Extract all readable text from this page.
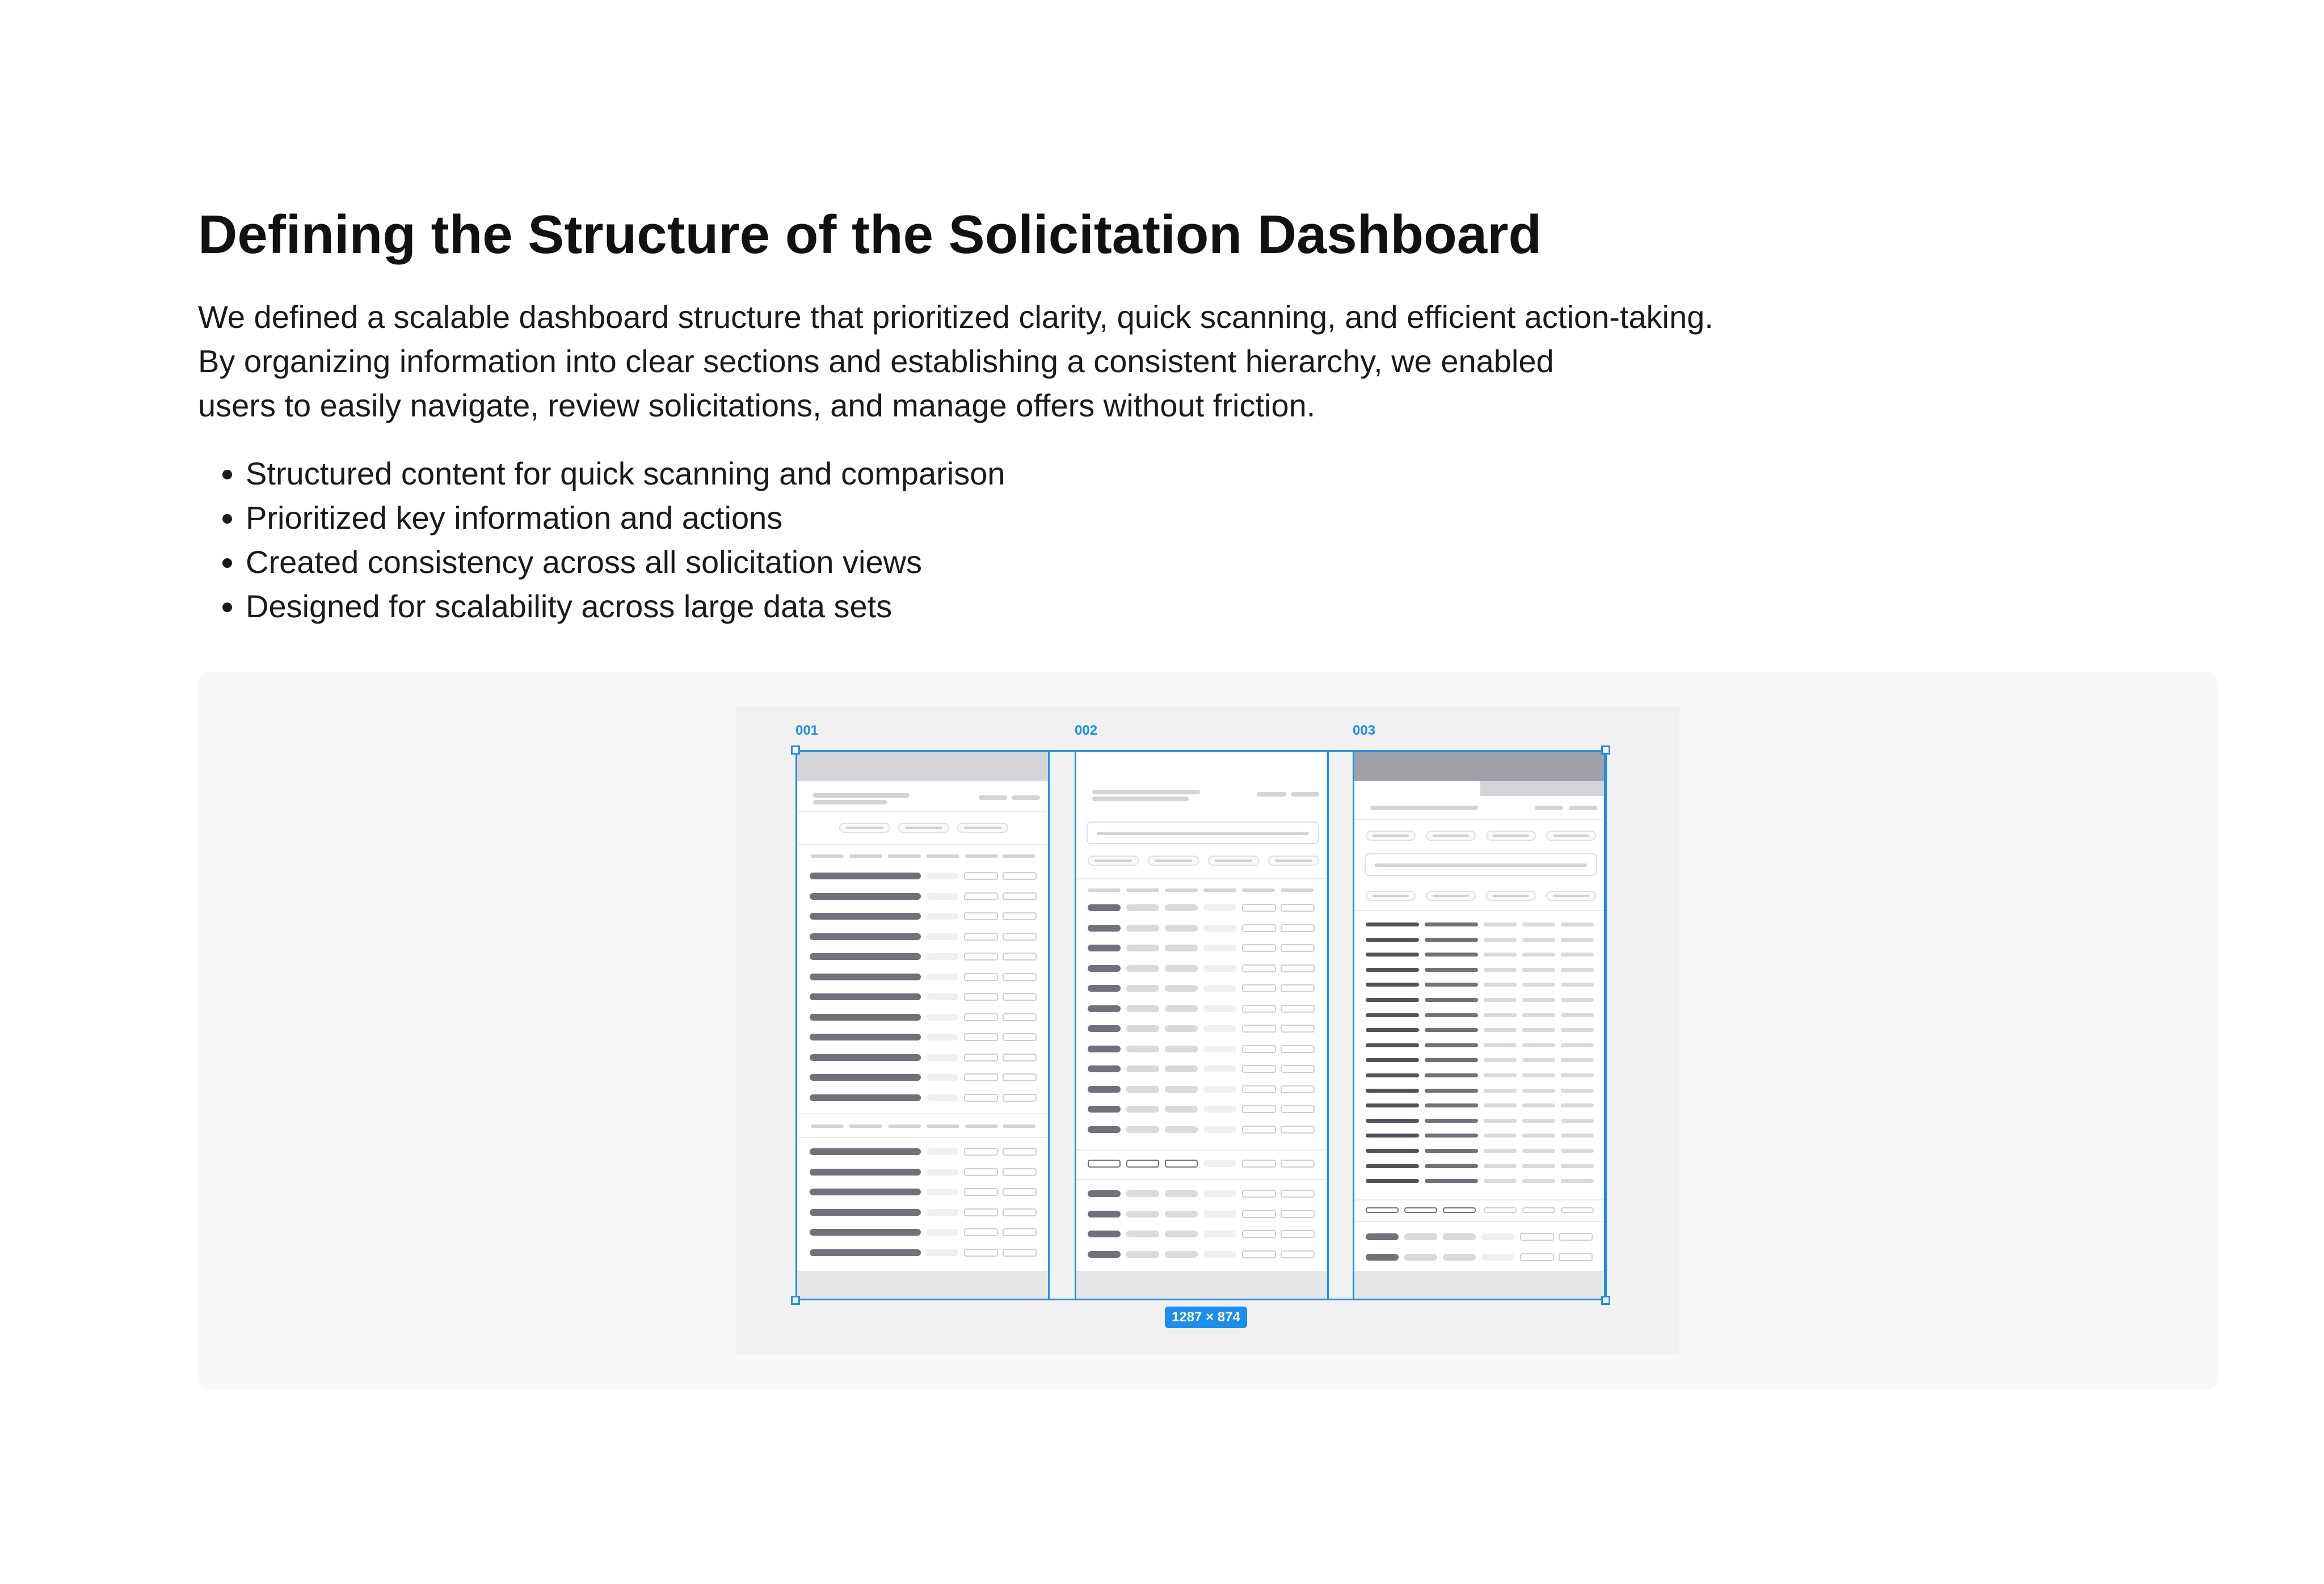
Defining the Structure of the Solicitation Dashboard

We defined a scalable dashboard structure that prioritized clarity, quick scanning, and efficient action-taking.

By organizing information into clear sections and establishing a consistent hierarchy, we enabled

users to easily navigate, review solicitations, and manage offers without friction.

• Structured content for quick scanning and comparison
• Prioritized key information and actions
• Created consistency across all solicitation views
• Designed for scalability across large data sets
001	002	003
1287 × 874
